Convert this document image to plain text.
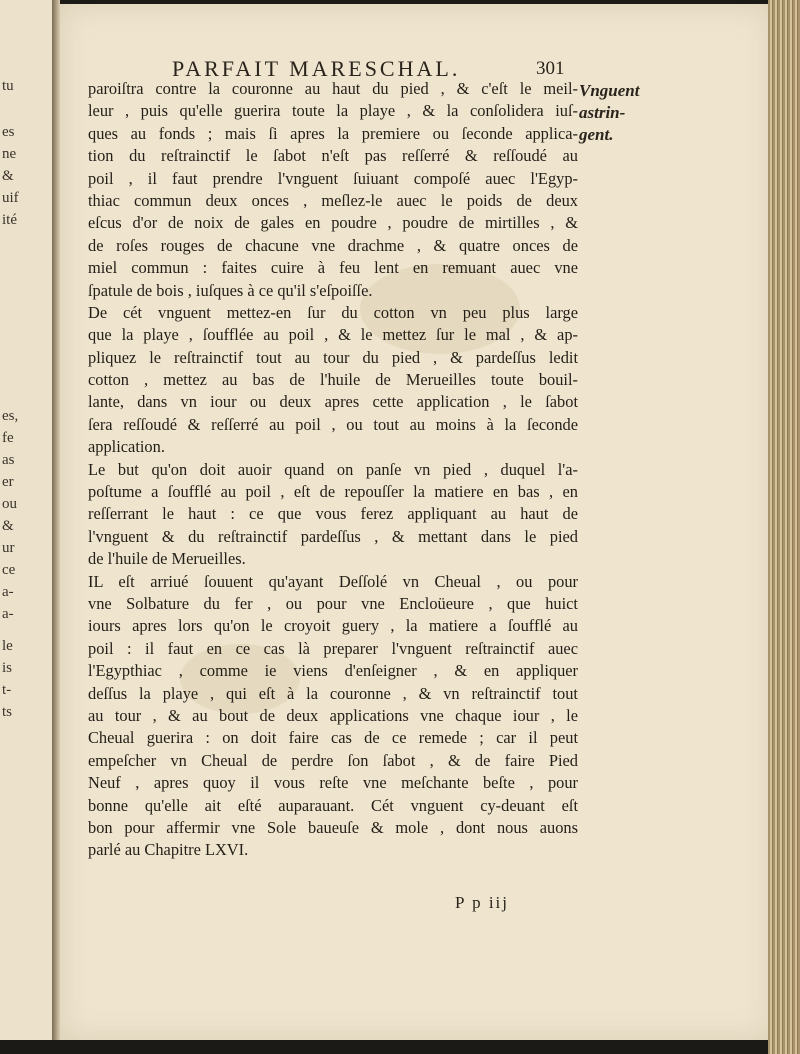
tu
es
ne
&
uif
ité
es,
fe
as
er
ou
&
ur
ce
a-
a-
le
is
t-
ts
PARFAIT MARESCHAL.	301
Vnguent
astrin-
gent.
paroiſtra contre la couronne au haut du pied , & c'eſt le meil-
leur , puis qu'elle guerira toute la playe , & la conſolidera iuſ-
ques au fonds ; mais ſi apres la premiere ou ſeconde applica-
tion du reſtrainctif le ſabot n'eſt pas reſſerré & reſſoudé au
poil , il faut prendre l'vnguent ſuiuant compoſé auec l'Egyp-
thiac commun deux onces , meſlez-le auec le poids de deux
eſcus d'or de noix de gales en poudre , poudre de mirtilles , &
de roſes rouges de chacune vne drachme , & quatre onces de
miel commun : faites cuire à feu lent en remuant auec vne
ſpatule de bois , iuſques à ce qu'il s'eſpoiſſe.
De cét vnguent mettez-en ſur du cotton vn peu plus large
que la playe , ſoufflée au poil , & le mettez ſur le mal , & ap-
pliquez le reſtrainctif tout au tour du pied , & pardeſſus ledit
cotton , mettez au bas de l'huile de Merueilles toute bouil-
lante, dans vn iour ou deux apres cette application , le ſabot
ſera reſſoudé & reſſerré au poil , ou tout au moins à la ſeconde
application.
Le but qu'on doit auoir quand on panſe vn pied , duquel l'a-
poſtume a ſoufflé au poil , eſt de repouſſer la matiere en bas , en
reſſerrant le haut : ce que vous ferez appliquant au haut de
l'vnguent & du reſtrainctif pardeſſus , & mettant dans le pied
de l'huile de Merueilles.
IL eſt arriué ſouuent qu'ayant Deſſolé vn Cheual , ou pour
vne Solbature du fer , ou pour vne Encloüeure , que huict
iours apres lors qu'on le croyoit guery , la matiere a ſoufflé au
poil : il faut en ce cas là preparer l'vnguent reſtrainctif auec
l'Egypthiac , comme ie viens d'enſeigner , & en appliquer
deſſus la playe , qui eſt à la couronne , & vn reſtrainctif tout
au tour , & au bout de deux applications vne chaque iour , le
Cheual guerira : on doit faire cas de ce remede ; car il peut
empeſcher vn Cheual de perdre ſon ſabot , & de faire Pied
Neuf , apres quoy il vous reſte vne meſchante beſte , pour
bonne qu'elle ait eſté auparauant. Cét vnguent cy-deuant eſt
bon pour affermir vne Sole baueuſe & mole , dont nous auons
parlé au Chapitre LXVI.
P p iij
